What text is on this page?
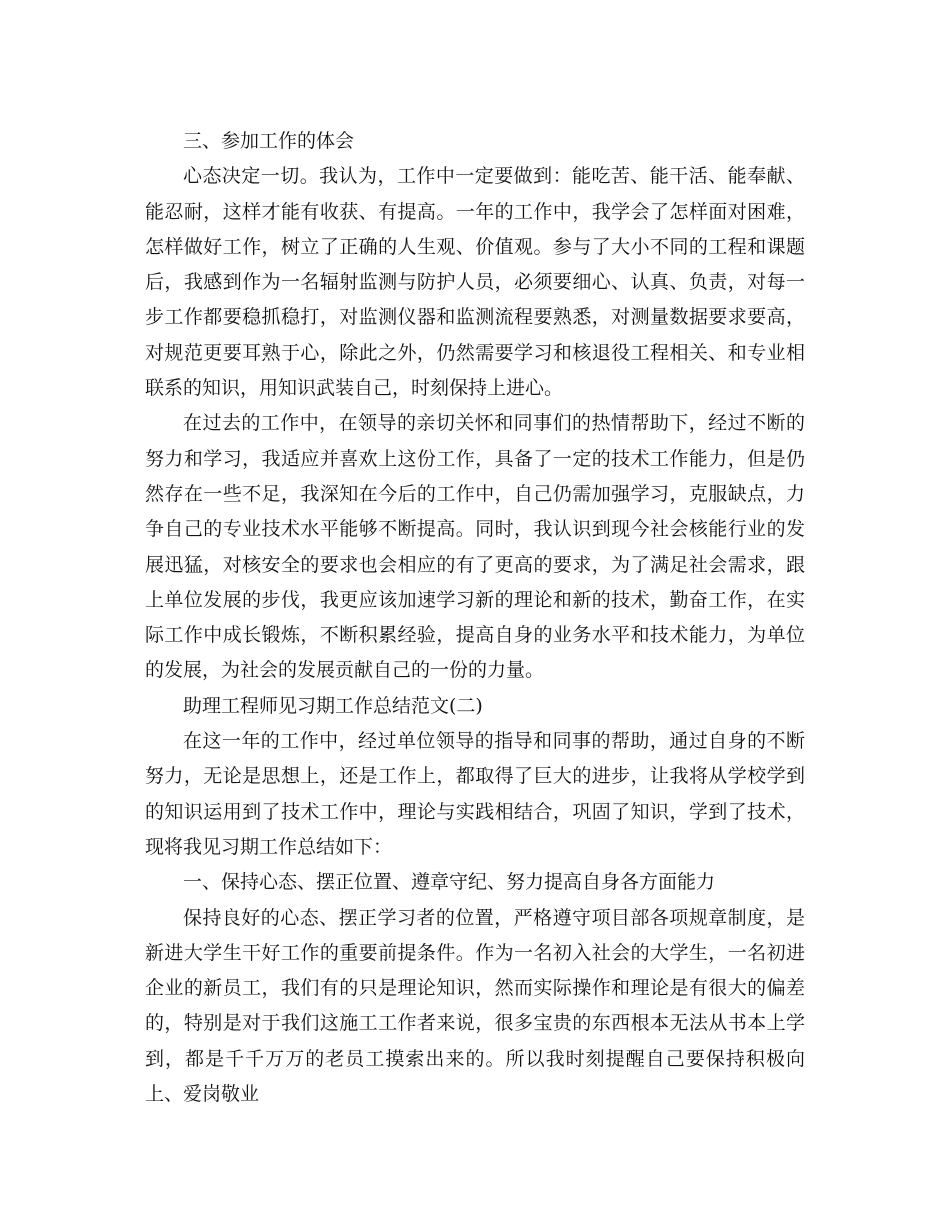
三、参加工作的体会

心态决定一切。我认为，工作中一定要做到：能吃苦、能干活、能奉献、能忍耐，这样才能有收获、有提高。一年的工作中，我学会了怎样面对困难，怎样做好工作，树立了正确的人生观、价值观。参与了大小不同的工程和课题后，我感到作为一名辐射监测与防护人员，必须要细心、认真、负责，对每一步工作都要稳抓稳打，对监测仪器和监测流程要熟悉，对测量数据要求要高，对规范更要耳熟于心，除此之外，仍然需要学习和核退役工程相关、和专业相联系的知识，用知识武装自己，时刻保持上进心。

在过去的工作中，在领导的亲切关怀和同事们的热情帮助下，经过不断的努力和学习，我适应并喜欢上这份工作，具备了一定的技术工作能力，但是仍然存在一些不足，我深知在今后的工作中，自己仍需加强学习，克服缺点，力争自己的专业技术水平能够不断提高。同时，我认识到现今社会核能行业的发展迅猛，对核安全的要求也会相应的有了更高的要求，为了满足社会需求，跟上单位发展的步伐，我更应该加速学习新的理论和新的技术，勤奋工作，在实际工作中成长锻炼，不断积累经验，提高自身的业务水平和技术能力，为单位的发展，为社会的发展贡献自己的一份的力量。

助理工程师见习期工作总结范文(二)

在这一年的工作中，经过单位领导的指导和同事的帮助，通过自身的不断努力，无论是思想上，还是工作上，都取得了巨大的进步，让我将从学校学到的知识运用到了技术工作中，理论与实践相结合，巩固了知识，学到了技术，现将我见习期工作总结如下：

一、保持心态、摆正位置、遵章守纪、努力提高自身各方面能力

保持良好的心态、摆正学习者的位置，严格遵守项目部各项规章制度，是新进大学生干好工作的重要前提条件。作为一名初入社会的大学生，一名初进企业的新员工，我们有的只是理论知识，然而实际操作和理论是有很大的偏差的，特别是对于我们这施工工作者来说，很多宝贵的东西根本无法从书本上学到，都是千千万万的老员工摸索出来的。所以我时刻提醒自己要保持积极向上、爱岗敬业
